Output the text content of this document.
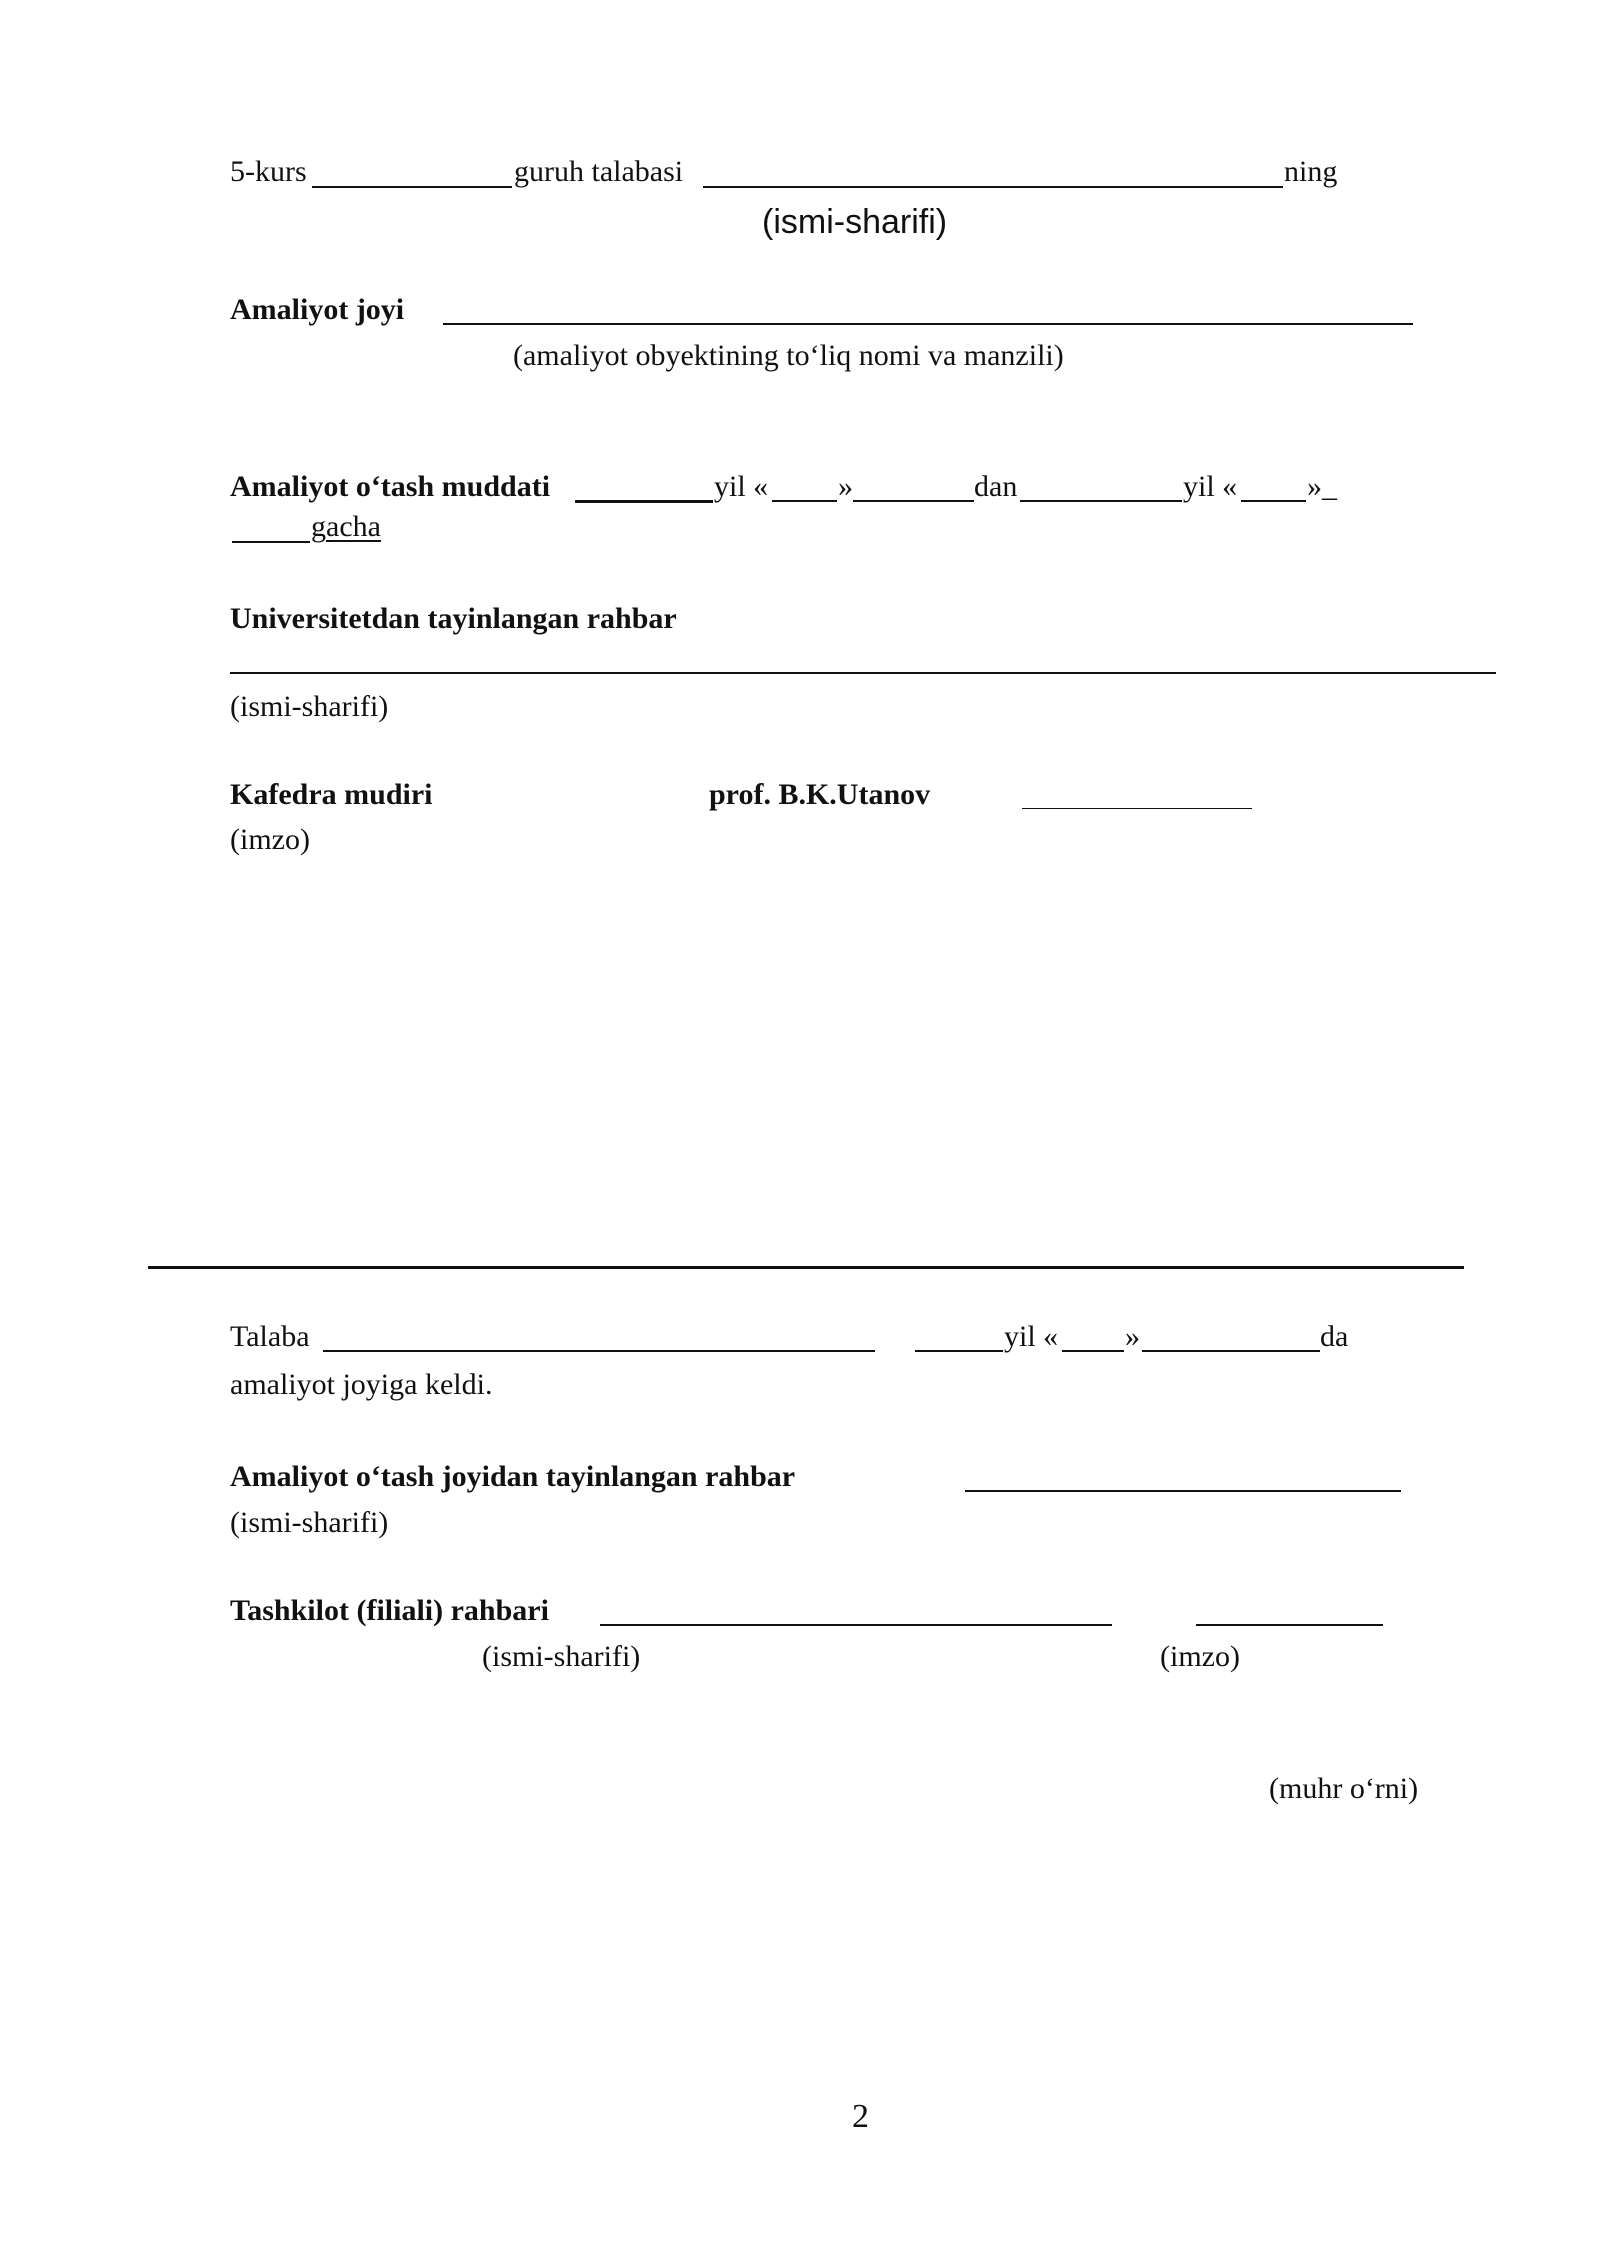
5-kurs	guruh talabasi	ning
(ismi-sharifi)
Amaliyot joyi
(amaliyot obyektining to‘liq nomi va manzili)
Amaliyot o‘tash muddati	yil « »	dan	yil « »_
gacha
Universitetdan tayinlangan rahbar
(ismi-sharifi)
Kafedra mudiri	prof. B.K.Utanov
(imzo)
Talaba	yil « »	da
amaliyot joyiga keldi.
Amaliyot o‘tash joyidan tayinlangan rahbar
(ismi-sharifi)
Tashkilot (filiali) rahbari
(ismi-sharifi)	(imzo)
(muhr o‘rni)
2
